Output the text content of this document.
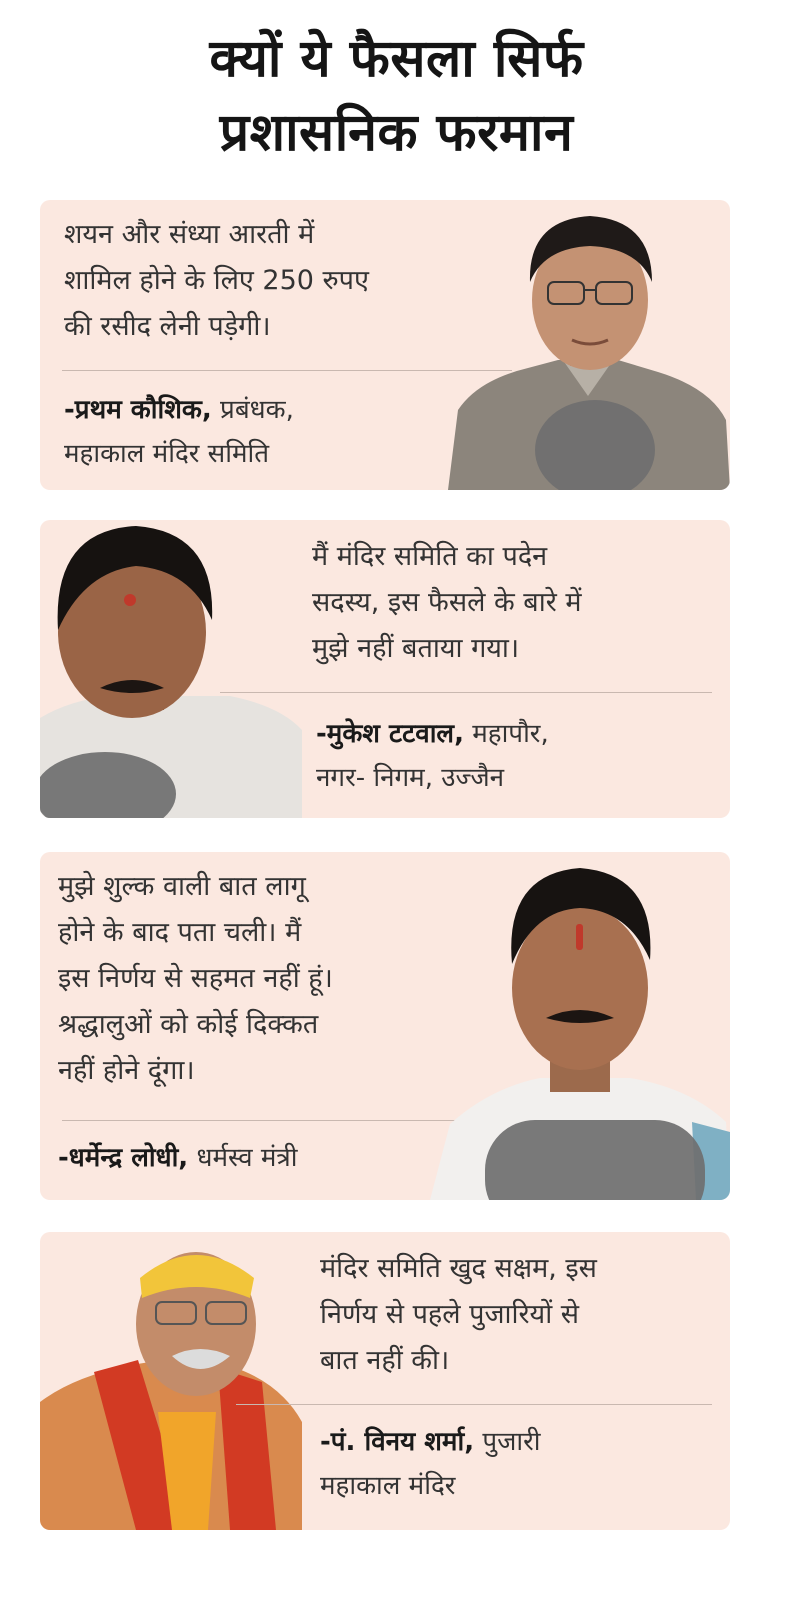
क्यों ये फैसला सिर्फ
प्रशासनिक फरमान
शयन और संध्या आरती में
शामिल होने के लिए 250 रुपए
की रसीद लेनी पड़ेगी।
-प्रथम कौशिक, प्रबंधक,
महाकाल मंदिर समिति
मैं मंदिर समिति का पदेन
सदस्य, इस फैसले के बारे में
मुझे नहीं बताया गया।
-मुकेश टटवाल, महापौर,
नगर- निगम, उज्जैन
मुझे शुल्क वाली बात लागू
होने के बाद पता चली। मैं
इस निर्णय से सहमत नहीं हूं।
श्रद्धालुओं को कोई दिक्कत
नहीं होने दूंगा।
-धर्मेन्द्र लोधी, धर्मस्व मंत्री
मंदिर समिति खुद सक्षम, इस
निर्णय से पहले पुजारियों से
बात नहीं की।
-पं. विनय शर्मा, पुजारी
महाकाल मंदिर
